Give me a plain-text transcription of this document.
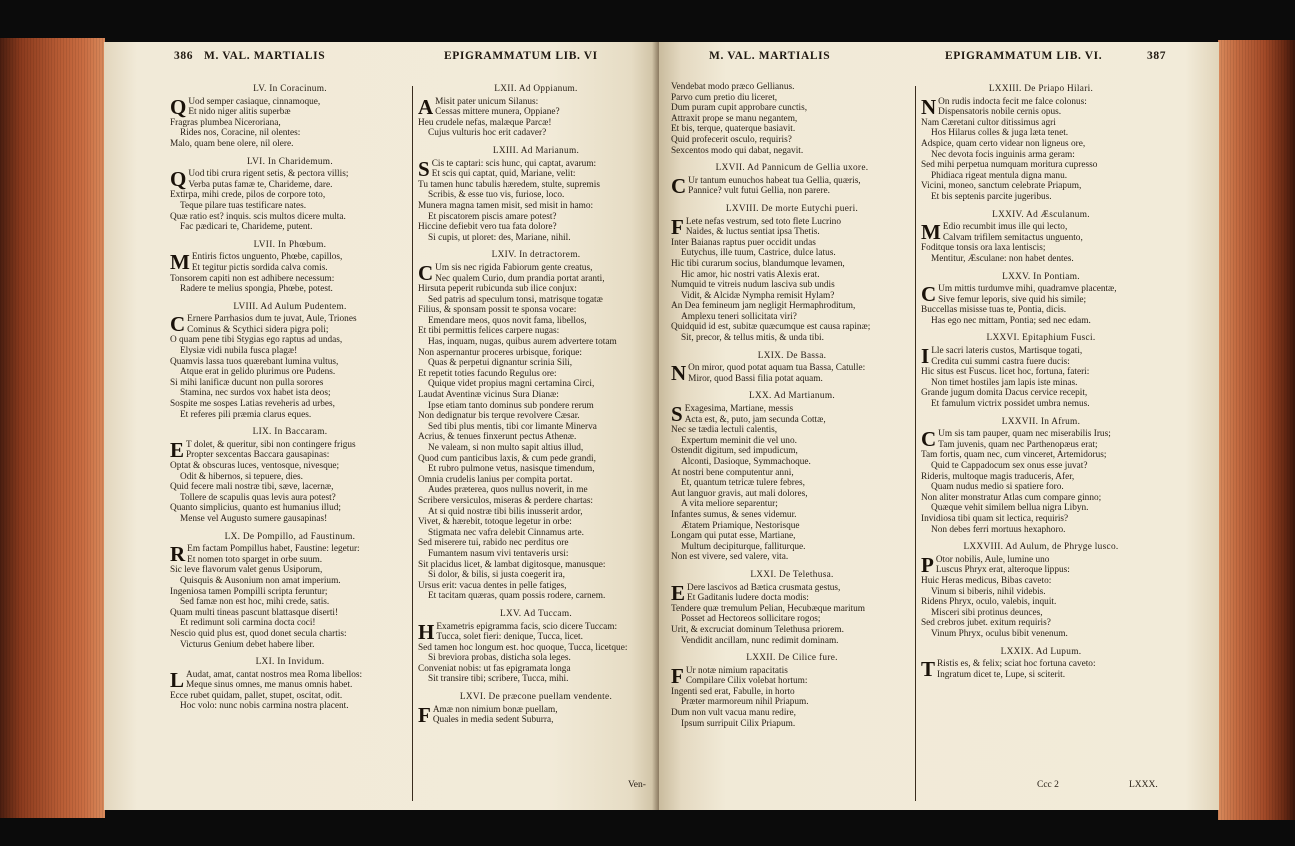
386 M. VAL. MARTIALIS	EPIGRAMMATUM LIB. VI
LV. In Coracinum.
Q Uod semper casiaque, cinnamoque,

Et nido niger alitis superbæ

Fragras plumbea Niceroriana,

Rides nos, Coracine, nil olentes:

Malo, quam bene olere, nil olere.

LVI. In Charidemum.
Q Uod tibi crura rigent setis, & pectora villis;

Verba putas famæ te, Charideme, dare.

Extirpa, mihi crede, pilos de corpore toto,

Teque pilare tuas testificare nates.

Quæ ratio est? inquis. scis multos dicere multa.

Fac pædicari te, Charideme, putent.

LVII. In Phœbum.
M Entiris fictos unguento, Phœbe, capillos,

Et tegitur pictis sordida calva comis.

Tonsorem capiti non est adhibere necessum:

Radere te melius spongia, Phœbe, potest.

LVIII. Ad Aulum Pudentem.
C Ernere Parrhasios dum te juvat, Aule, Triones

Cominus & Scythici sidera pigra poli;

O quam pene tibi Stygias ego raptus ad undas,

Elysiæ vidi nubila fusca plagæ!

Quamvis lassa tuos quærebant lumina vultus,

Atque erat in gelido plurimus ore Pudens.

Si mihi lanificæ ducunt non pulla sorores

Stamina, nec surdos vox habet ista deos;

Sospite me sospes Latias reveheris ad urbes,

Et referes pili præmia clarus eques.

LIX. In Baccaram.
E T dolet, & queritur, sibi non contingere frigus

Propter sexcentas Baccara gausapinas:

Optat & obscuras luces, ventosque, nivesque;

Odit & hibernos, si tepuere, dies.

Quid fecere mali nostræ tibi, sæve, lacernæ,

Tollere de scapulis quas levis aura potest?

Quanto simplicius, quanto est humanius illud;

Mense vel Augusto sumere gausapinas!

LX. De Pompillo, ad Faustinum.
R Em factam Pompillus habet, Faustine: legetur:

Et nomen toto sparget in orbe suum.

Sic leve flavorum valet genus Usiporum,

Quisquis & Ausonium non amat imperium.

Ingeniosa tamen Pompilli scripta feruntur;

Sed famæ non est hoc, mihi crede, satis.

Quam multi tineas pascunt blattasque diserti!

Et redimunt soli carmina docta coci!

Nescio quid plus est, quod donet secula chartis:

Victurus Genium debet habere liber.

LXI. In Invidum.
L Audat, amat, cantat nostros mea Roma libellos:

Meque sinus omnes, me manus omnis habet.

Ecce rubet quidam, pallet, stupet, oscitat, odit.

Hoc volo: nunc nobis carmina nostra placent.

LXII. Ad Oppianum.
A Misit pater unicum Silanus:

Cessas mittere munera, Oppiane?

Heu crudele nefas, malæque Parcæ!

Cujus vulturis hoc erit cadaver?

LXIII. Ad Marianum.
S Cis te captari: scis hunc, qui captat, avarum:

Et scis qui captat, quid, Mariane, velit:

Tu tamen hunc tabulis hæredem, stulte, supremis

Scribis, & esse tuo vis, furiose, loco.

Munera magna tamen misit, sed misit in hamo:

Et piscatorem piscis amare potest?

Hiccine defiebit vero tua fata dolore?

Si cupis, ut ploret: des, Mariane, nihil.

LXIV. In detractorem.
C Um sis nec rigida Fabiorum gente creatus,

Nec qualem Curio, dum prandia portat aranti,

Hirsuta peperit rubicunda sub ilice conjux:

Sed patris ad speculum tonsi, matrisque togatæ

Filius, & sponsam possit te sponsa vocare:

Emendare meos, quos novit fama, libellos,

Et tibi permittis felices carpere nugas:

Has, inquam, nugas, quibus aurem advertere totam

Non aspernantur proceres urbisque, forique:

Quas & perpetui dignantur scrinia Sili,

Et repetit toties facundo Regulus ore:

Quique videt propius magni certamina Circi,

Laudat Aventinæ vicinus Sura Dianæ:

Ipse etiam tanto dominus sub pondere rerum

Non dedignatur bis terque revolvere Cæsar.

Sed tibi plus mentis, tibi cor limante Minerva

Acrius, & tenues finxerunt pectus Athenæ.

Ne valeam, si non multo sapit altius illud,

Quod cum panticibus laxis, & cum pede grandi,

Et rubro pulmone vetus, nasisque timendum,

Omnia crudelis lanius per compita portat.

Audes præterea, quos nullus noverit, in me

Scribere versiculos, miseras & perdere chartas:

At si quid nostræ tibi bilis inusserit ardor,

Vivet, & hærebit, totoque legetur in orbe:

Stigmata nec vafra delebit Cinnamus arte.

Sed miserere tui, rabido nec perditus ore

Fumantem nasum vivi tentaveris ursi:

Sit placidus licet, & lambat digitosque, manusque:

Si dolor, & bilis, si justa coegerit ira,

Ursus erit: vacua dentes in pelle fatiges,

Et tacitam quæras, quam possis rodere, carnem.

LXV. Ad Tuccam.
H Exametris epigramma facis, scio dicere Tuccam:

Tucca, solet fieri: denique, Tucca, licet.

Sed tamen hoc longum est. hoc quoque, Tucca, licetque:

Si breviora probas, disticha sola leges.

Conveniat nobis: ut fas epigramata longa

Sit transire tibi; scribere, Tucca, mihi.

LXVI. De præcone puellam vendente.
F Amæ non nimium bonæ puellam,

Quales in media sedent Suburra,

Ven-
M. VAL. MARTIALIS	EPIGRAMMATUM LIB. VI.	387

Vendebat modo præco Gellianus.

Parvo cum pretio diu liceret,

Dum puram cupit approbare cunctis,

Attraxit prope se manu negantem,

Et bis, terque, quaterque basiavit.

Quid profecerit osculo, requiris?

Sexcentos modo qui dabat, negavit.

LXVII. Ad Pannicum de Gellia uxore.
C Ur tantum eunuchos habeat tua Gellia, quæris,

Pannice? vult futui Gellia, non parere.

LXVIII. De morte Eutychi pueri.
F Lete nefas vestrum, sed toto flete Lucrino

Naides, & luctus sentiat ipsa Thetis.

Inter Baianas raptus puer occidit undas

Eutychus, ille tuum, Castrice, dulce latus.

Hic tibi curarum socius, blandumque levamen,

Hic amor, hic nostri vatis Alexis erat.

Numquid te vitreis nudum lasciva sub undis

Vidit, & Alcidæ Nympha remisit Hylam?

An Dea femineum jam negligit Hermaphroditum,

Amplexu teneri sollicitata viri?

Quidquid id est, subitæ quæcumque est causa rapinæ;

Sit, precor, & tellus mitis, & unda tibi.

LXIX. De Bassa.
N On miror, quod potat aquam tua Bassa, Catulle:

Miror, quod Bassi filia potat aquam.

LXX. Ad Martianum.
S Exagesima, Martiane, messis

Acta est, &, puto, jam secunda Cottæ,

Nec se tædia lectuli calentis,

Expertum meminit die vel uno.

Ostendit digitum, sed impudicum,

Alconti, Dasioque, Symmachoque.

At nostri bene computentur anni,

Et, quantum tetricæ tulere febres,

Aut languor gravis, aut mali dolores,

A vita meliore separentur;

Infantes sumus, & senes videmur.

Ætatem Priamique, Nestorisque

Longam qui putat esse, Martiane,

Multum decipiturque, falliturque.

Non est vivere, sed valere, vita.

LXXI. De Telethusa.
E Dere lascivos ad Bætica crusmata gestus,

Et Gaditanis ludere docta modis:

Tendere quæ tremulum Pelian, Hecubæque maritum

Posset ad Hectoreos sollicitare rogos;

Urit, & excruciat dominum Telethusa priorem.

Vendidit ancillam, nunc redimit dominam.

LXXII. De Cilice fure.
F Ur notæ nimium rapacitatis

Compilare Cilix volebat hortum:

Ingenti sed erat, Fabulle, in horto

Præter marmoreum nihil Priapum.

Dum non vult vacua manu redire,

Ipsum surripuit Cilix Priapum.

LXXIII. De Priapo Hilari.
N On rudis indocta fecit me falce colonus:

Dispensatoris nobile cernis opus.

Nam Cæretani cultor ditissimus agri

Hos Hilarus colles & juga læta tenet.

Adspice, quam certo videar non ligneus ore,

Nec devota focis inguinis arma geram:

Sed mihi perpetua numquam moritura cupresso

Phidiaca rigeat mentula digna manu.

Vicini, moneo, sanctum celebrate Priapum,

Et bis septenis parcite jugeribus.

LXXIV. Ad Æsculanum.
M Edio recumbit imus ille qui lecto,

Calvam trifilem semitactus unguento,

Foditque tonsis ora laxa lentiscis;

Mentitur, Æsculane: non habet dentes.

LXXV. In Pontiam.
C Um mittis turdumve mihi, quadramve placentæ,

Sive femur leporis, sive quid his simile;

Buccellas misisse tuas te, Pontia, dicis.

Has ego nec mittam, Pontia; sed nec edam.

LXXVI. Epitaphium Fusci.
I Lle sacri lateris custos, Martisque togati,

Credita cui summi castra fuere ducis:

Hic situs est Fuscus. licet hoc, fortuna, fateri:

Non timet hostiles jam lapis iste minas.

Grande jugum domita Dacus cervice recepit,

Et famulum victrix possidet umbra nemus.

LXXVII. In Afrum.
C Um sis tam pauper, quam nec miserabilis Irus;

Tam juvenis, quam nec Parthenopæus erat;

Tam fortis, quam nec, cum vinceret, Artemidorus;

Quid te Cappadocum sex onus esse juvat?

Rideris, multoque magis traduceris, Afer,

Quam nudus medio si spatiere foro.

Non aliter monstratur Atlas cum compare ginno;

Quæque vehit similem bellua nigra Libyn.

Invidiosa tibi quam sit lectica, requiris?

Non debes ferri mortuus hexaphoro.

LXXVIII. Ad Aulum, de Phryge lusco.
P Otor nobilis, Aule, lumine uno

Luscus Phryx erat, alteroque lippus:

Huic Heras medicus, Bibas caveto:

Vinum si biberis, nihil videbis.

Ridens Phryx, oculo, valebis, inquit.

Misceri sibi protinus deunces,

Sed crebros jubet. exitum requiris?

Vinum Phryx, oculus bibit venenum.

LXXIX. Ad Lupum.
T Ristis es, & felix; sciat hoc fortuna caveto:

Ingratum dicet te, Lupe, si sciterit.

Ccc 2	LXXX.
